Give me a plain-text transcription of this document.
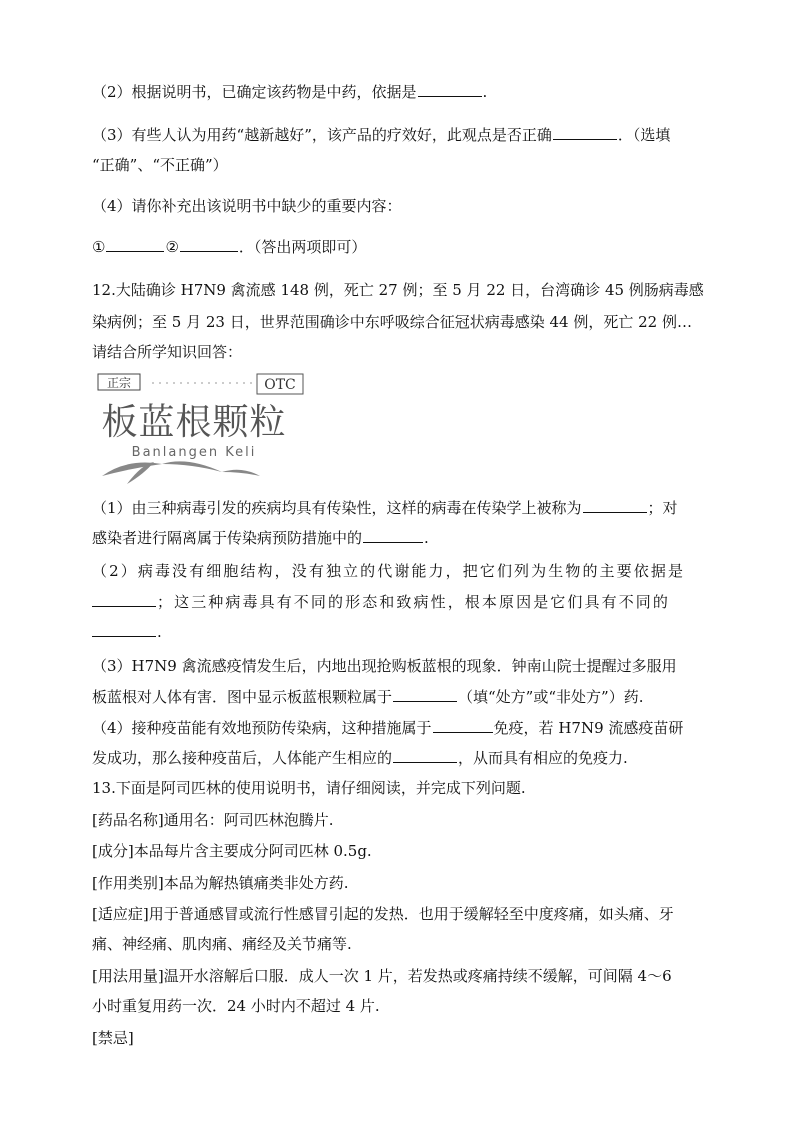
（2）根据说明书，已确定该药物是中药，依据是	.
（3）有些人认为用药“越新越好”，该产品的疗效好，此观点是否正确	．（选填
“正确”、“不正确”）
（4）请你补充出该说明书中缺少的重要内容：
①	②	．（答出两项即可）
12.大陆确诊 H7N9 禽流感 148 例，死亡 27 例；至 5 月 22 日，台湾确诊 45 例肠病毒感
染病例；至 5 月 23 日，世界范围确诊中东呼吸综合征冠状病毒感染 44 例，死亡 22 例…
请结合所学知识回答：
正宗	OTC
板蓝根颗粒
Banlangen Keli
（1）由三种病毒引发的疾病均具有传染性，这样的病毒在传染学上被称为	；对
感染者进行隔离属于传染病预防措施中的	.
（2）病毒没有细胞结构，没有独立的代谢能力，把它们列为生物的主要依据是
；这三种病毒具有不同的形态和致病性，根本原因是它们具有不同的
.
（3）H7N9 禽流感疫情发生后，内地出现抢购板蓝根的现象．钟南山院士提醒过多服用
板蓝根对人体有害．图中显示板蓝根颗粒属于	（填“处方”或“非处方”）药.
（4）接种疫苗能有效地预防传染病，这种措施属于	免疫，若 H7N9 流感疫苗研
发成功，那么接种疫苗后，人体能产生相应的	，从而具有相应的免疫力.
13.下面是阿司匹林的使用说明书，请仔细阅读，并完成下列问题.
[药品名称]通用名：阿司匹林泡腾片.
[成分]本品每片含主要成分阿司匹林 0.5g.
[作用类别]本品为解热镇痛类非处方药.
[适应症]用于普通感冒或流行性感冒引起的发热．也用于缓解轻至中度疼痛，如头痛、牙
痛、神经痛、肌肉痛、痛经及关节痛等.
[用法用量]温开水溶解后口服．成人一次 1 片，若发热或疼痛持续不缓解，可间隔 4～6
小时重复用药一次．24 小时内不超过 4 片.
[禁忌]
